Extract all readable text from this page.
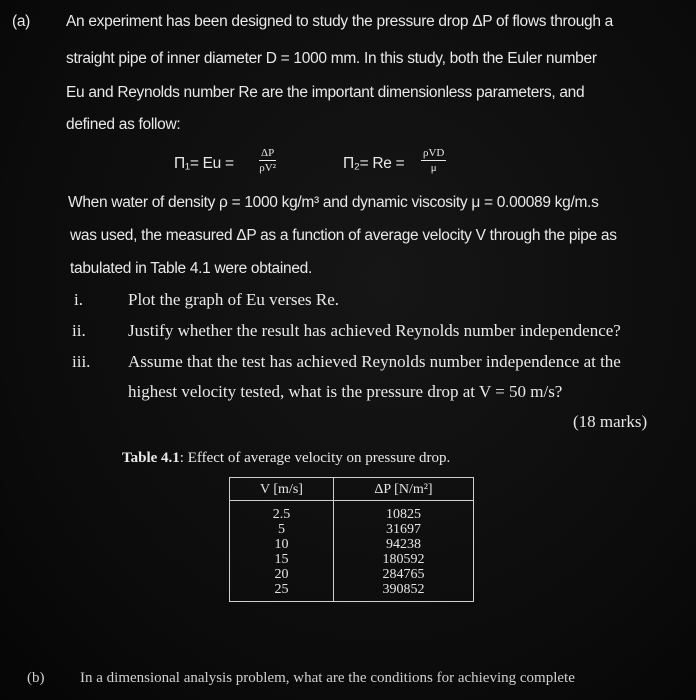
(a) An experiment has been designed to study the pressure drop ΔP of flows through a
straight pipe of inner diameter D = 1000 mm. In this study, both the Euler number
Eu and Reynolds number Re are the important dimensionless parameters, and
defined as follow:
$\Pi_1= Eu = \frac{\Delta P}{\text{ρV²}}$	Π₂= Re =
ρVD
μ
When water of density ρ = 1000 kg/m³ and dynamic viscosity μ = 0.00089 kg/m.s
was used, the measured ΔP as a function of average velocity V through the pipe as
tabulated in Table 4.1 were obtained.
i.	Plot the graph of Eu verses Re.
ii. Justify whether the result has achieved Reynolds number independence?
iii. Assume that the test has achieved Reynolds number independence at the
highest velocity tested, what is the pressure drop at V = 50 m/s?
(18 marks)
Table 4.1: Effect of average velocity on pressure drop.
V [m/s]	ΔP [N/m²]
2.5	10825
5	31697
10	94238
15	180592
20	284765
25	390852
(b) In a dimensional analysis problem, what are the conditions for achieving complete
